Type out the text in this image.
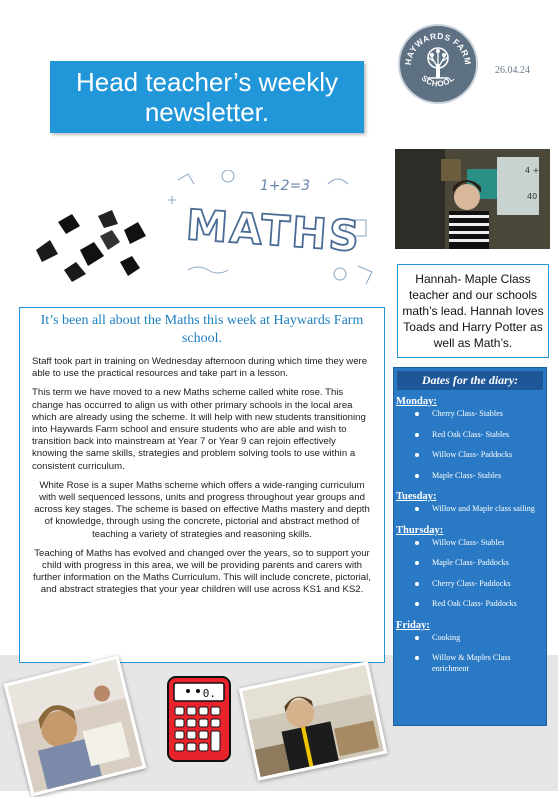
HAYWARDS FARM
SCHOOL
26.04.24
Head teacher’s weekly newsletter.
1+2=3
MATHS
4 +
40
Hannah- Maple Class teacher and our schools math’s lead. Hannah loves Toads and Harry Potter as well as Math’s.
It’s been all about the Maths this week at Haywards Farm school.

Staff took part in training on Wednesday afternoon during which time they were able to use the practical resources and take part in a lesson.

This term we have moved to a new Maths scheme called white rose. This change has occurred to align us with other primary schools in the local area which are already using the scheme. It will help with new students transitioning into Haywards Farm school and ensure students who are able and wish to transition back into mainstream at Year 7 or Year 9 can rejoin effectively knowing the same skills, strategies and problem solving tools to use within a consistent curriculum.

White Rose is a super Maths scheme which offers a wide-ranging curriculum with well sequenced lessons, units and progress throughout year groups and across key stages. The scheme is based on effective Maths mastery and depth of knowledge, through using the concrete, pictorial and abstract method of teaching a variety of strategies and reasoning skills.

Teaching of Maths has evolved and changed over the years, so to support your child with progress in this area, we will be providing parents and carers with further information on the Maths Curriculum. This will include concrete, pictorial, and abstract strategies that your year children will use across KS1 and KS2.

Dates for the diary:
Monday:
Cherry Class- Stables
Red Oak Class- Stables
Willow Class- Paddocks
Maple Class- Stables
Tuesday:
Willow and Maple class sailing
Thursday:
Willow Class- Stables
Maple Class- Paddocks
Cherry Class- Paddocks
Red Oak Class- Paddocks
Friday:
Cooking
Willow & Maples Class enrichment
0.
